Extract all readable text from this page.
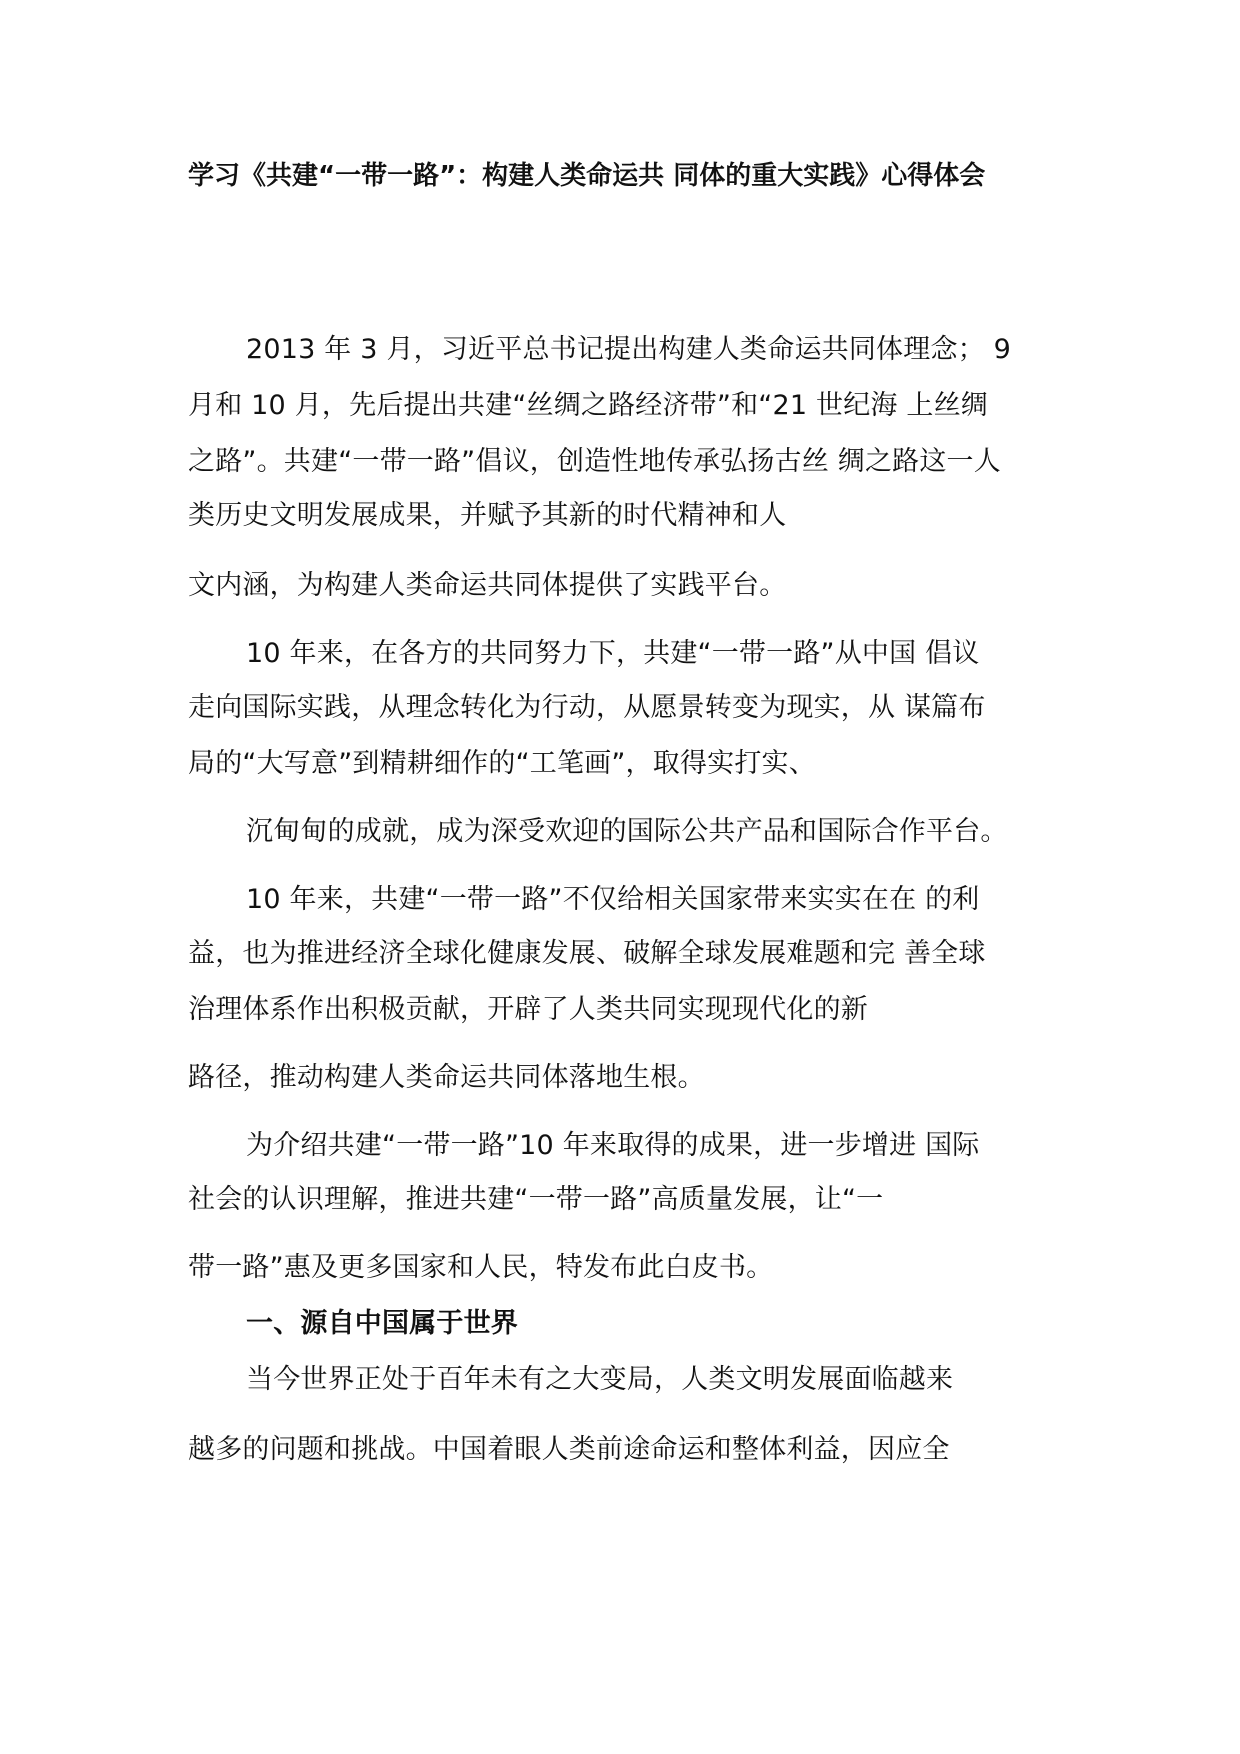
学习《共建“一带一路”：构建人类命运共 同体的重大实践》心得体会
2013 年 3 月，习近平总书记提出构建人类命运共同体理念； 9
月和 10 月，先后提出共建“丝绸之路经济带”和“21 世纪海 上丝绸
之路”。共建“一带一路”倡议，创造性地传承弘扬古丝 绸之路这一人
类历史文明发展成果，并赋予其新的时代精神和人
文内涵，为构建人类命运共同体提供了实践平台。
10 年来，在各方的共同努力下，共建“一带一路”从中国 倡议
走向国际实践，从理念转化为行动，从愿景转变为现实，从 谋篇布
局的“大写意”到精耕细作的“工笔画”，取得实打实、
沉甸甸的成就，成为深受欢迎的国际公共产品和国际合作平台。
10 年来，共建“一带一路”不仅给相关国家带来实实在在 的利
益，也为推进经济全球化健康发展、破解全球发展难题和完 善全球
治理体系作出积极贡献，开辟了人类共同实现现代化的新
路径，推动构建人类命运共同体落地生根。
为介绍共建“一带一路”10 年来取得的成果，进一步增进 国际
社会的认识理解，推进共建“一带一路”高质量发展，让“一
带一路”惠及更多国家和人民，特发布此白皮书。
一、源自中国属于世界
当今世界正处于百年未有之大变局，人类文明发展面临越来
越多的问题和挑战。中国着眼人类前途命运和整体利益，因应全
